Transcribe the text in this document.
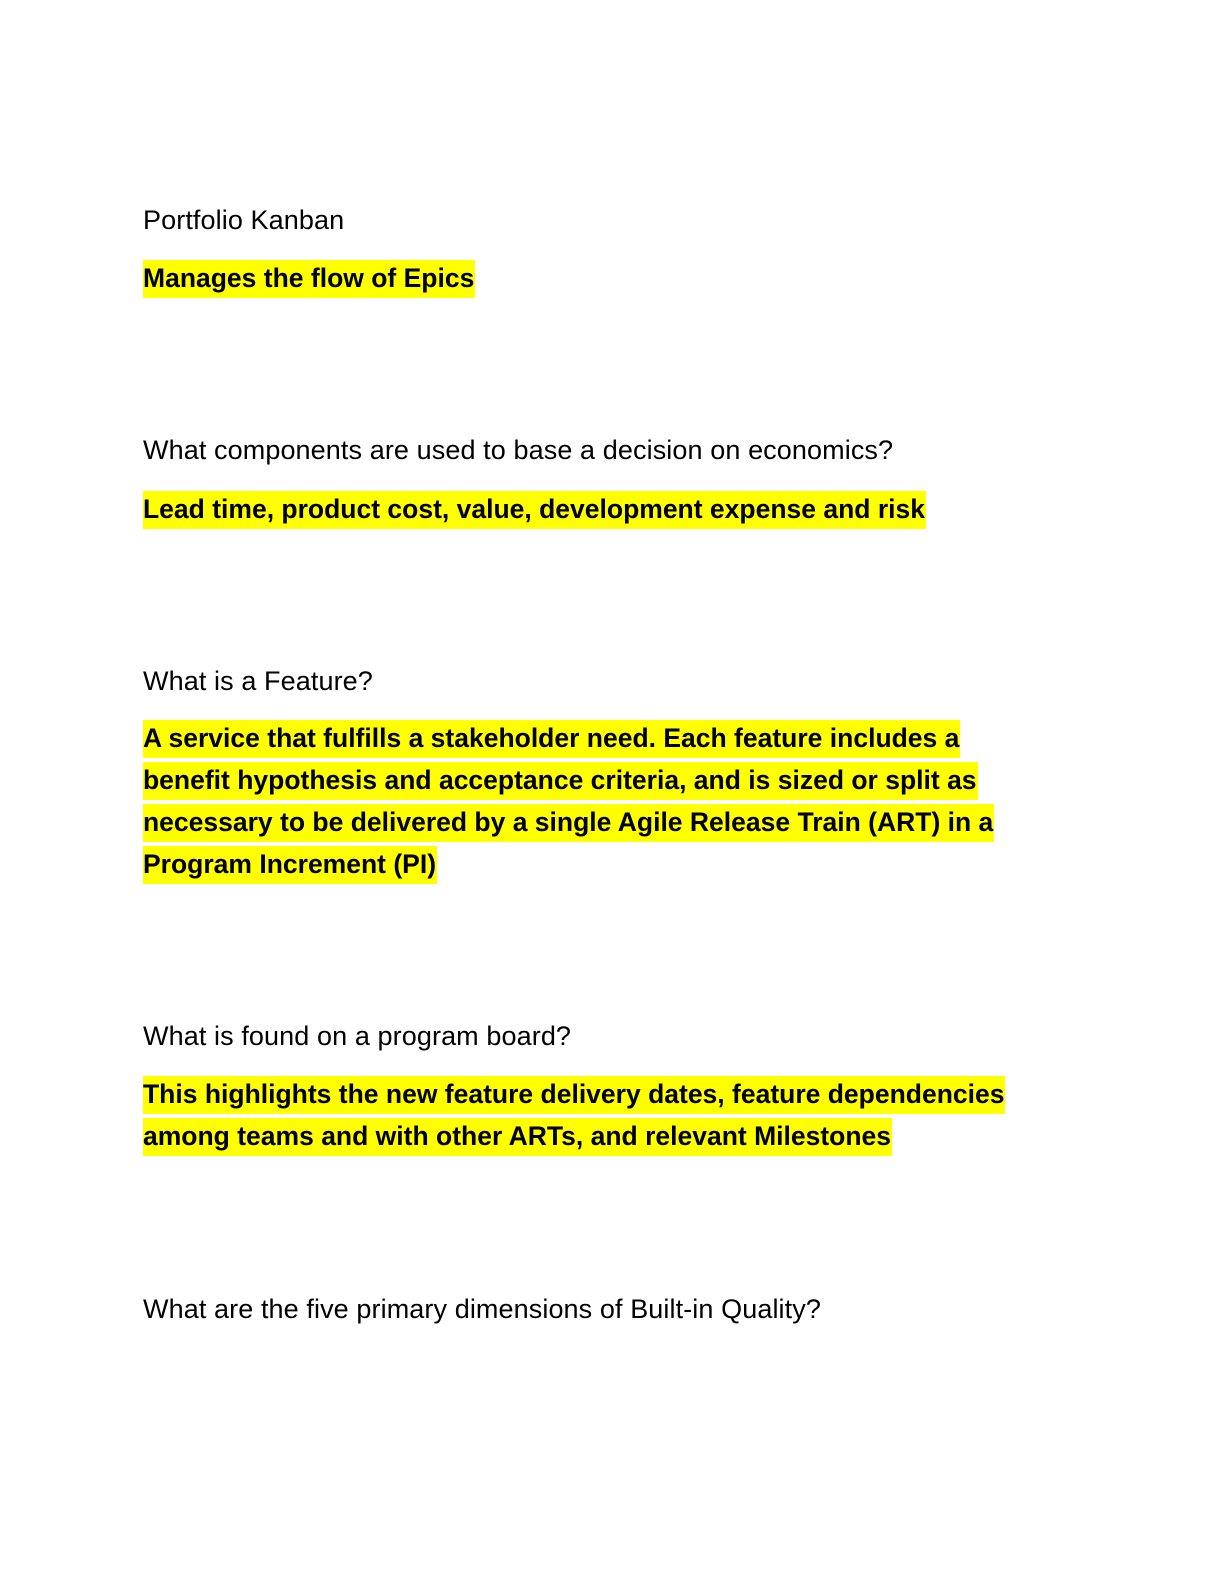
Portfolio Kanban
Manages the flow of Epics
What components are used to base a decision on economics?
Lead time, product cost, value, development expense and risk
What is a Feature?
A service that fulfills a stakeholder need. Each feature includes a benefit hypothesis and acceptance criteria, and is sized or split as necessary to be delivered by a single Agile Release Train (ART) in a Program Increment (PI)
What is found on a program board?
This highlights the new feature delivery dates, feature dependencies among teams and with other ARTs, and relevant Milestones
What are the five primary dimensions of Built-in Quality?
